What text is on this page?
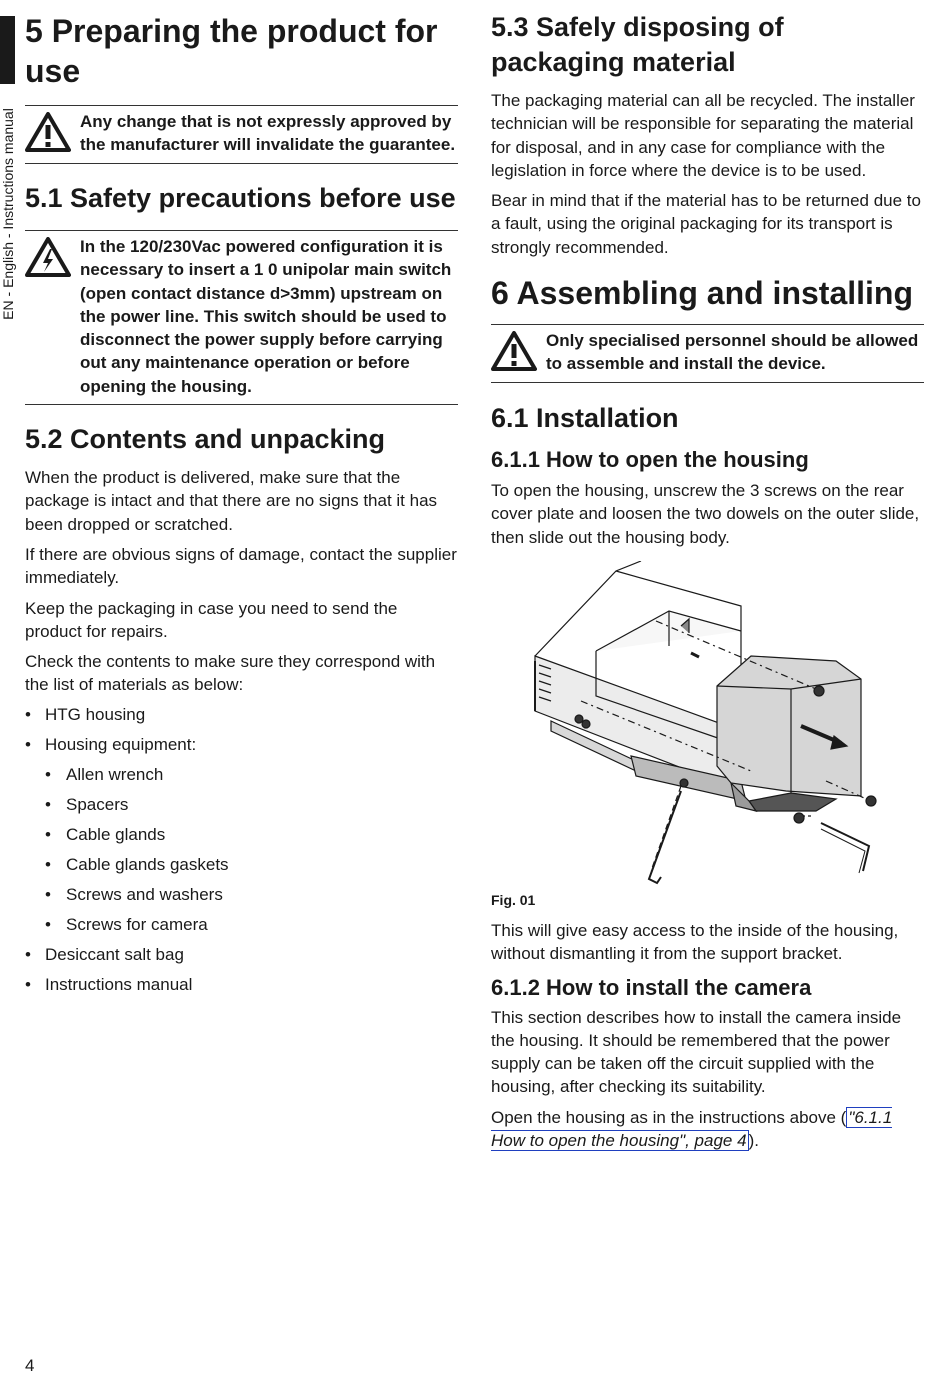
EN - English - Instructions manual
5 Preparing the product for use
Any change that is not expressly approved by the manufacturer will invalidate the guarantee.
5.1 Safety precautions before use
In the 120/230Vac powered configuration it is necessary to insert a 1 0 unipolar main switch (open contact distance d>3mm) upstream on the power line. This switch should be used to disconnect the power supply before carrying out any maintenance operation or before opening the housing.
5.2 Contents and unpacking

When the product is delivered, make sure that the package is intact and that there are no signs that it has been dropped or scratched.

If there are obvious signs of damage, contact the supplier immediately.

Keep the packaging in case you need to send the product for repairs.

Check the contents to make sure they correspond with the list of materials as below:

• HTG housing
• Housing equipment:
• Allen wrench
• Spacers
• Cable glands
• Cable glands gaskets
• Screws and washers
• Screws for camera
• Desiccant salt bag
• Instructions manual
5.3 Safely disposing of packaging material

The packaging material can all be recycled. The installer technician will be responsible for separating the material for disposal, and in any case for compliance with the legislation in force where the device is to be used.

Bear in mind that if the material has to be returned due to a fault, using the original packaging for its transport is strongly recommended.

6 Assembling and installing
Only specialised personnel should be allowed to assemble and install the device.
6.1 Installation
6.1.1 How to open the housing

To open the housing, unscrew the 3 screws on the rear cover plate and loosen the two dowels on the outer slide, then slide out the housing body.

Fig. 01

This will give easy access to the inside of the housing, without dismantling it from the support bracket.

6.1.2 How to install the camera

This section describes how to install the camera inside the housing. It should be remembered that the power supply can be taken off the circuit supplied with the housing, after checking its suitability.

Open the housing as in the instructions above ( "6.1.1 How to open the housing", page 4 ).

4
